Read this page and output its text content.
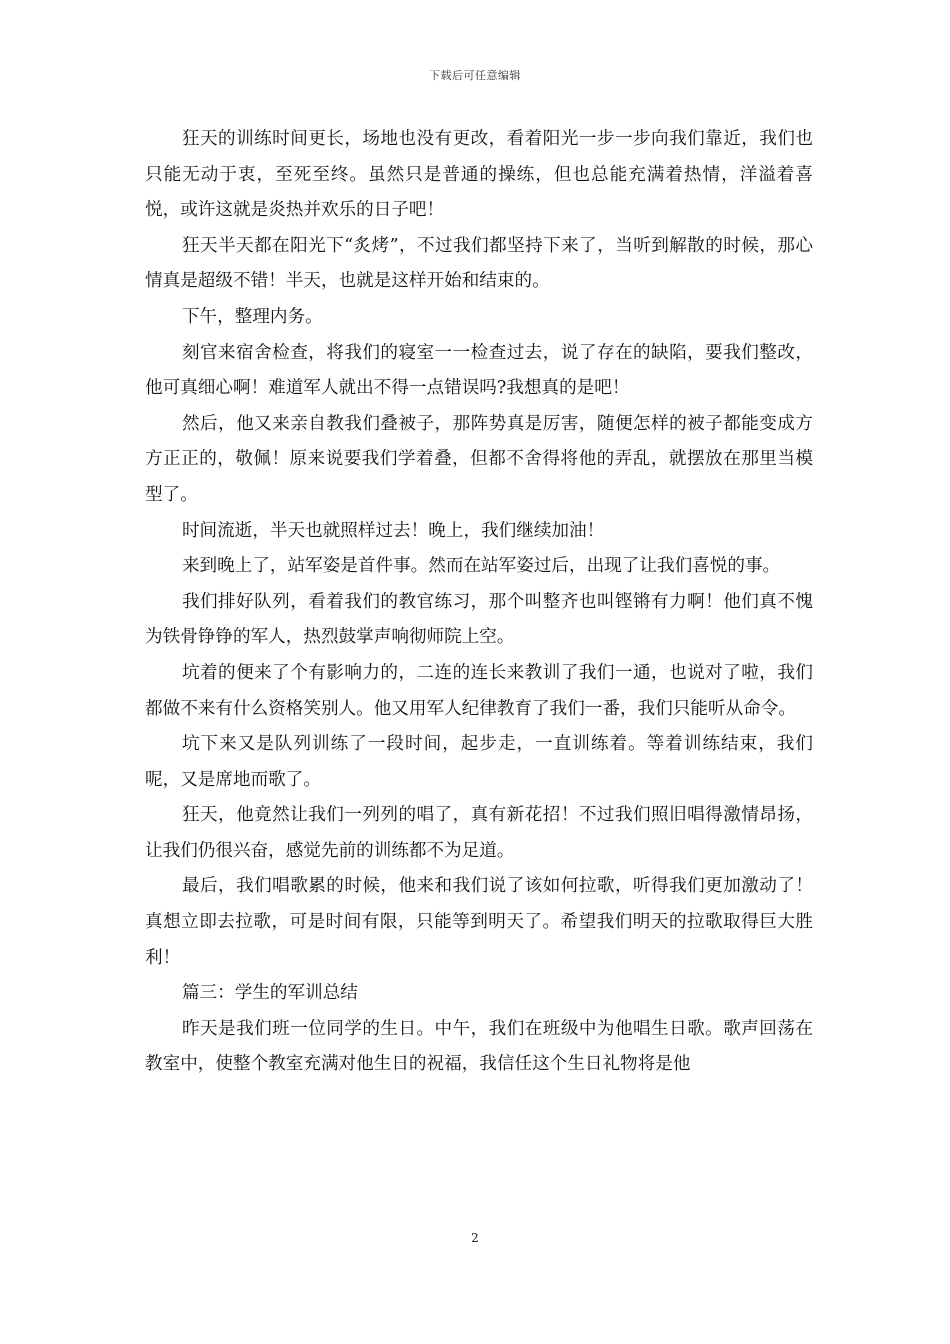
下载后可任意编辑

狂天的训练时间更长，场地也没有更改，看着阳光一步一步向我们靠近，我们也只能无动于衷，至死至终。虽然只是普通的操练，但也总能充满着热情，洋溢着喜悦，或许这就是炎热并欢乐的日子吧！

狂天半天都在阳光下“炙烤”，不过我们都坚持下来了，当听到解散的时候，那心情真是超级不错！半天，也就是这样开始和结束的。

下午，整理内务。

刻官来宿舍检查，将我们的寝室一一检查过去，说了存在的缺陷，要我们整改，他可真细心啊！难道军人就出不得一点错误吗?我想真的是吧！

然后，他又来亲自教我们叠被子，那阵势真是厉害，随便怎样的被子都能变成方方正正的，敬佩！原来说要我们学着叠，但都不舍得将他的弄乱，就摆放在那里当模型了。

时间流逝，半天也就照样过去！晚上，我们继续加油！

来到晚上了，站军姿是首件事。然而在站军姿过后，出现了让我们喜悦的事。

我们排好队列，看着我们的教官练习，那个叫整齐也叫铿锵有力啊！他们真不愧为铁骨铮铮的军人，热烈鼓掌声响彻师院上空。

坑着的便来了个有影响力的，二连的连长来教训了我们一通，也说对了啦，我们都做不来有什么资格笑别人。他又用军人纪律教育了我们一番，我们只能听从命令。

坑下来又是队列训练了一段时间，起步走，一直训练着。等着训练结束，我们呢，又是席地而歌了。

狂天，他竟然让我们一列列的唱了，真有新花招！不过我们照旧唱得激情昂扬，让我们仍很兴奋，感觉先前的训练都不为足道。

最后，我们唱歌累的时候，他来和我们说了该如何拉歌，听得我们更加激动了！真想立即去拉歌，可是时间有限，只能等到明天了。希望我们明天的拉歌取得巨大胜利！

篇三：学生的军训总结

昨天是我们班一位同学的生日。中午，我们在班级中为他唱生日歌。歌声回荡在教室中，使整个教室充满对他生日的祝福，我信任这个生日礼物将是他

2
